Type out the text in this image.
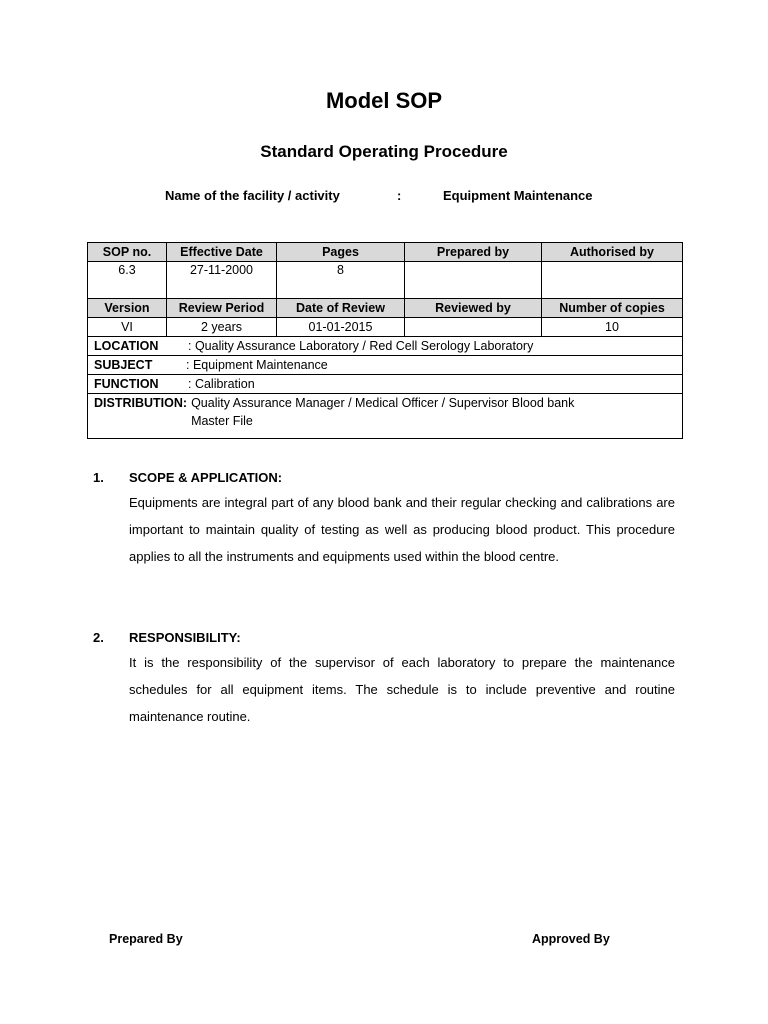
Model SOP
Standard Operating Procedure
Name of the facility / activity	:	Equipment Maintenance
SOP no.	Effective Date	Pages	Prepared by	Authorised by
6.3	27-11-2000	8		
Version	Review Period	Date of Review	Reviewed by	Number of copies
VI	2 years	01-01-2015		10
LOCATION : Quality Assurance Laboratory / Red Cell Serology Laboratory				
SUBJECT : Equipment Maintenance				
FUNCTION : Calibration				

DISTRIBUTION: Quality Assurance Manager / Medical Officer / Supervisor Blood bank
Master File				
1.	SCOPE & APPLICATION:
Equipments are integral part of any blood bank and their regular checking and calibrations are important to maintain quality of testing as well as producing blood product. This procedure applies to all the instruments and equipments used within the blood centre.
2.	RESPONSIBILITY:
It is the responsibility of the supervisor of each laboratory to prepare the maintenance schedules for all equipment items. The schedule is to include preventive and routine maintenance routine.
Prepared By	Approved By
